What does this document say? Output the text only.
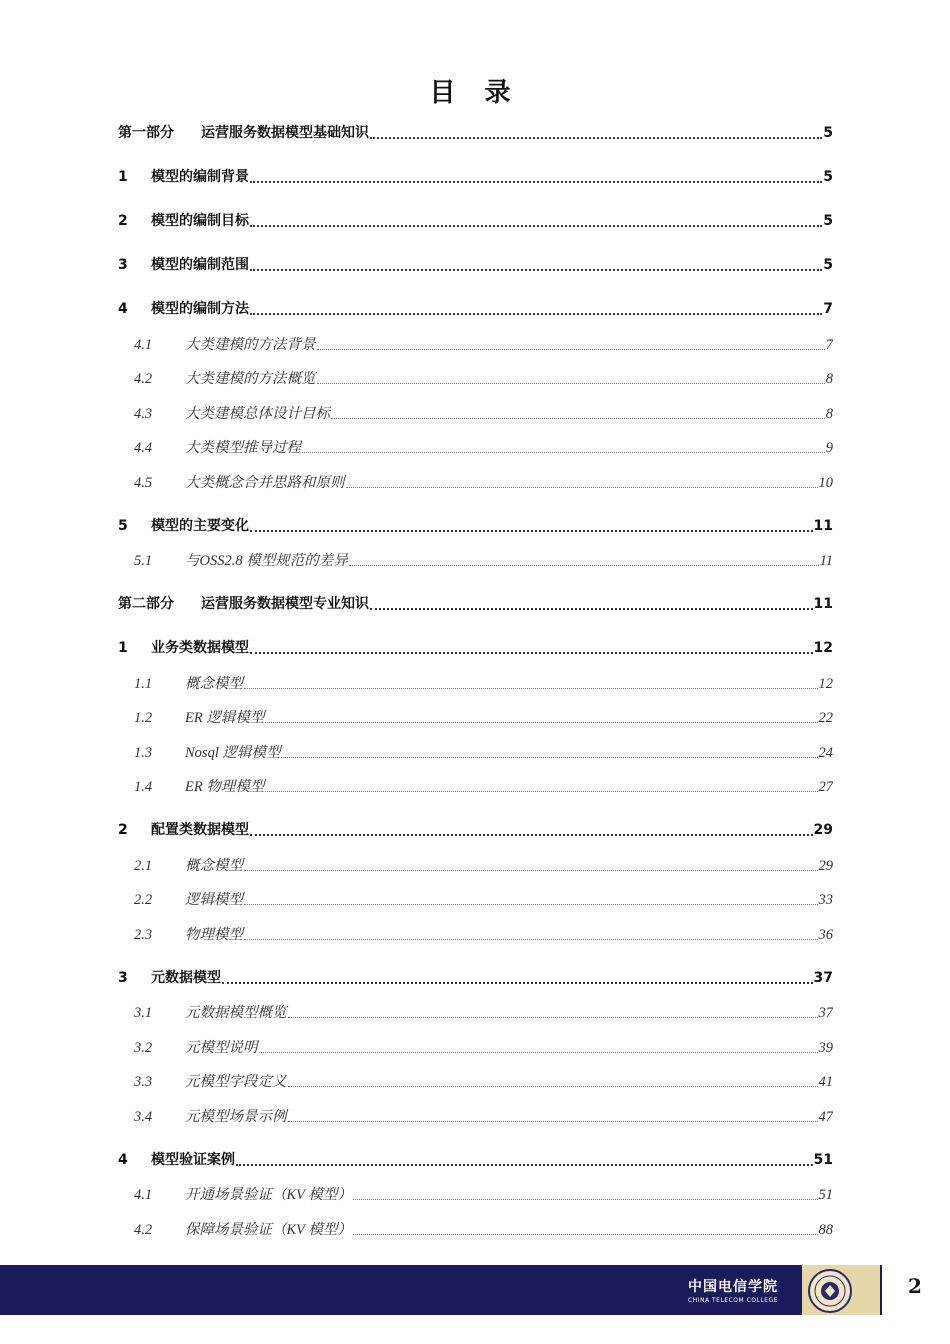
目 录
第一部分	运营服务数据模型基础知识	5
1	模型的编制背景	5
2	模型的编制目标	5
3	模型的编制范围	5
4	模型的编制方法	7
4.1	大类建模的方法背景	7
4.2	大类建模的方法概览	8
4.3	大类建模总体设计目标	8
4.4	大类模型推导过程	9
4.5	大类概念合并思路和原则	10
5	模型的主要变化	11
5.1	与OSS2.8 模型规范的差异	11
第二部分	运营服务数据模型专业知识	11
1	业务类数据模型	12
1.1	概念模型	12
1.2	ER 逻辑模型	22
1.3	Nosql 逻辑模型	24
1.4	ER 物理模型	27
2	配置类数据模型	29
2.1	概念模型	29
2.2	逻辑模型	33
2.3	物理模型	36
3	元数据模型	37
3.1	元数据模型概览	37
3.2	元模型说明	39
3.3	元模型字段定义	41
3.4	元模型场景示例	47
4	模型验证案例	51
4.1	开通场景验证（KV 模型）	51
4.2	保障场景验证（KV 模型）	88
中国电信学院
CHINA TELECOM COLLEGE
2
